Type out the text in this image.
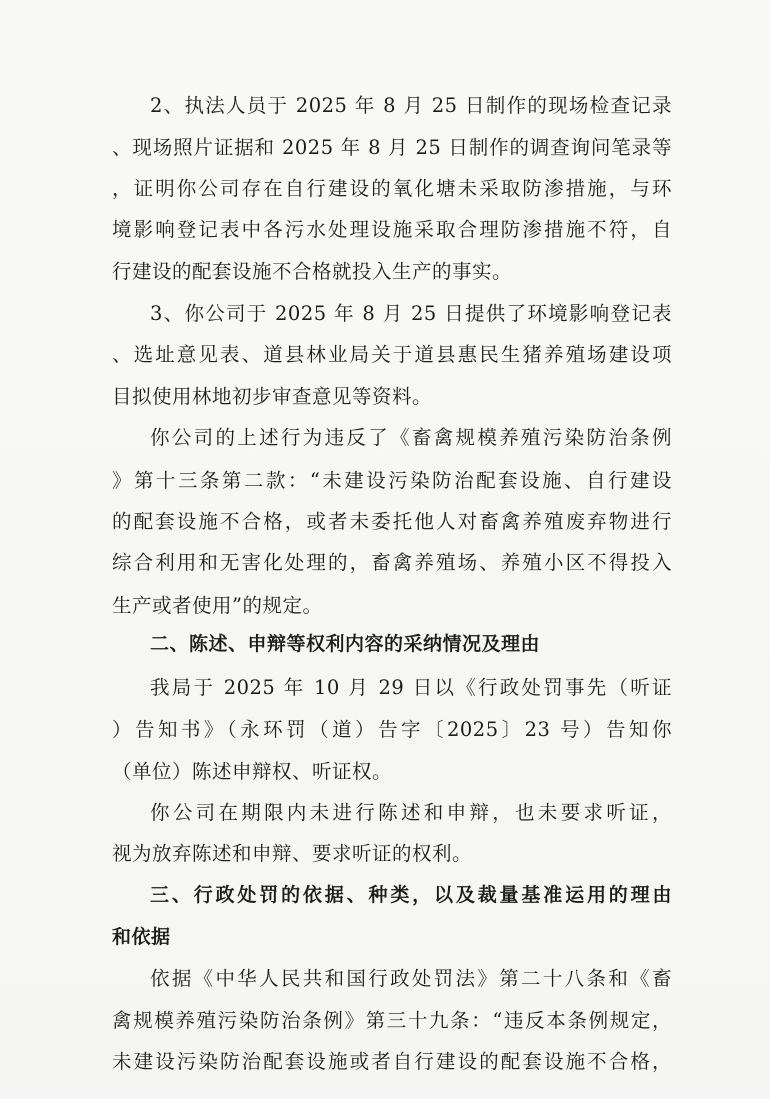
2、执法人员于 2025 年 8 月 25 日制作的现场检查记录
、现场照片证据和 2025 年 8 月 25 日制作的调查询问笔录等
，证明你公司存在自行建设的氧化塘未采取防渗措施，与环
境影响登记表中各污水处理设施采取合理防渗措施不符，自
行建设的配套设施不合格就投入生产的事实。
3、你公司于 2025 年 8 月 25 日提供了环境影响登记表
、选址意见表、道县林业局关于道县惠民生猪养殖场建设项
目拟使用林地初步审查意见等资料。
你公司的上述行为违反了《畜禽规模养殖污染防治条例
》第十三条第二款：“未建设污染防治配套设施、自行建设
的配套设施不合格，或者未委托他人对畜禽养殖废弃物进行
综合利用和无害化处理的，畜禽养殖场、养殖小区不得投入
生产或者使用”的规定。
二、陈述、申辩等权利内容的采纳情况及理由
我局于 2025 年 10 月 29 日以《行政处罚事先（听证
）告知书》（永环罚（道）告字〔2025〕23 号）告知你
（单位）陈述申辩权、听证权。
你公司在期限内未进行陈述和申辩，也未要求听证，
视为放弃陈述和申辩、要求听证的权利。
三、行政处罚的依据、种类，以及裁量基准运用的理由
和依据
依据《中华人民共和国行政处罚法》第二十八条和《畜
禽规模养殖污染防治条例》第三十九条：“违反本条例规定，
未建设污染防治配套设施或者自行建设的配套设施不合格，
